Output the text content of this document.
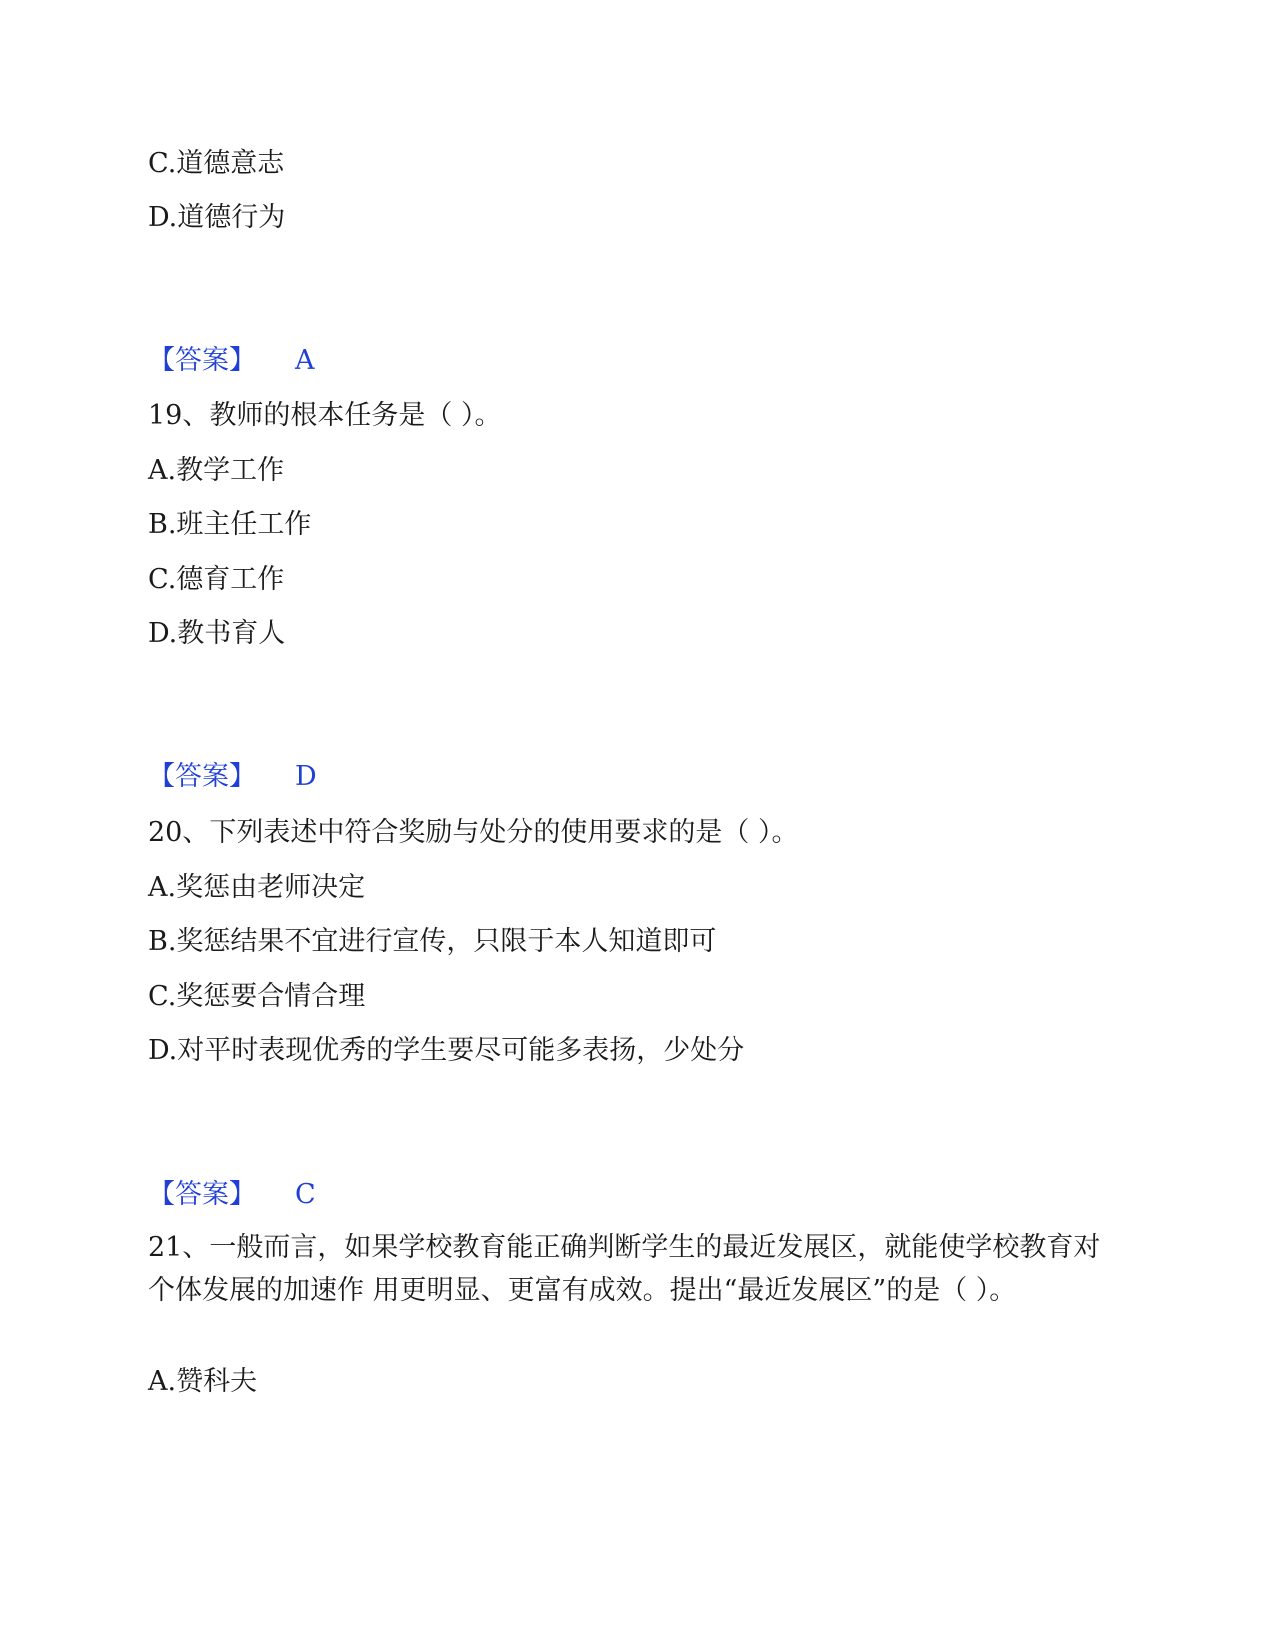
C.道德意志
D.道德行为
【答案】 A
19、教师的根本任务是（ ）。
A.教学工作
B.班主任工作
C.德育工作
D.教书育人
【答案】 D
20、下列表述中符合奖励与处分的使用要求的是（ ）。
A.奖惩由老师决定
B.奖惩结果不宜进行宣传，只限于本人知道即可
C.奖惩要合情合理
D.对平时表现优秀的学生要尽可能多表扬，少处分
【答案】 C
21、一般而言，如果学校教育能正确判断学生的最近发展区，就能使学校教育对个体发展的加速作 用更明显、更富有成效。提出“最近发展区”的是（ ）。
A.赞科夫
